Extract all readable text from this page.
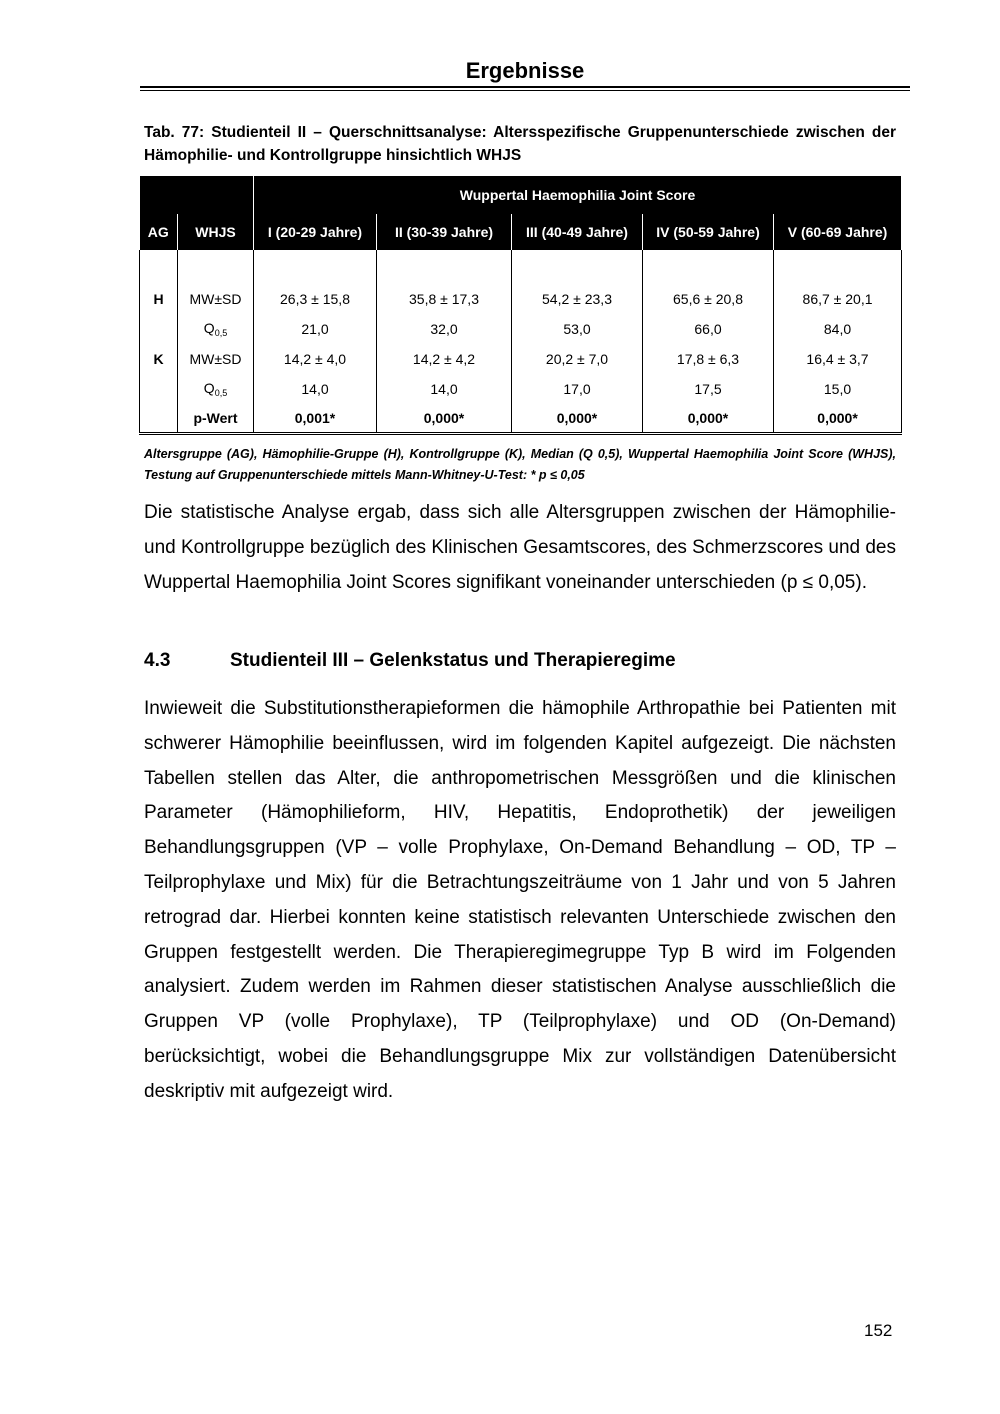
Ergebnisse
Tab. 77: Studienteil II – Querschnittsanalyse: Altersspezifische Gruppenunterschiede zwischen der Hämophilie- und Kontrollgruppe hinsichtlich WHJS
		Wuppertal Haemophilia Joint Score				
AG	WHJS	I (20-29 Jahre)	II (30-39 Jahre)	III (40-49 Jahre)	IV (50-59 Jahre)	V (60-69 Jahre)

H	MW±SD	26,3 ± 15,8	35,8 ± 17,3	54,2 ± 23,3	65,6 ± 20,8	86,7 ± 20,1
	$Q_{0,5}$	21,0	32,0	53,0	66,0	84,0
K	MW±SD	14,2 ± 4,0	14,2 ± 4,2	20,2 ± 7,0	17,8 ± 6,3	16,4 ± 3,7
	$Q_{0,5}$	14,0	14,0	17,0	17,5	15,0
	p-Wert	0,001*	0,000*	0,000*	0,000*	0,000*
Altersgruppe (AG), Hämophilie-Gruppe (H), Kontrollgruppe (K), Median (Q 0,5), Wuppertal Haemophilia Joint Score (WHJS), Testung auf Gruppenunterschiede mittels Mann-Whitney-U-Test: * p ≤ 0,05
Die statistische Analyse ergab, dass sich alle Altersgruppen zwischen der Hämophilie- und Kontrollgruppe bezüglich des Klinischen Gesamtscores, des Schmerzscores und des Wuppertal Haemophilia Joint Scores signifikant voneinander unterschieden (p ≤ 0,05).
4.3	Studienteil III – Gelenkstatus und Therapieregime
Inwieweit die Substitutionstherapieformen die hämophile Arthropathie bei Patienten mit schwerer Hämophilie beeinflussen, wird im folgenden Kapitel aufgezeigt. Die nächsten Tabellen stellen das Alter, die anthropometrischen Messgrößen und die klinischen Parameter (Hämophilieform, HIV, Hepatitis, Endoprothetik) der jeweiligen Behandlungsgruppen (VP – volle Prophylaxe, On-Demand Behandlung – OD, TP – Teilprophylaxe und Mix) für die Betrachtungszeiträume von 1 Jahr und von 5 Jahren retrograd dar. Hierbei konnten keine statistisch relevanten Unterschiede zwischen den Gruppen festgestellt werden. Die Therapieregimegruppe Typ B wird im Folgenden analysiert. Zudem werden im Rahmen dieser statistischen Analyse ausschließlich die Gruppen VP (volle Prophylaxe), TP (Teilprophylaxe) und OD (On-Demand) berücksichtigt, wobei die Behandlungsgruppe Mix zur vollständigen Datenübersicht deskriptiv mit aufgezeigt wird.
152
